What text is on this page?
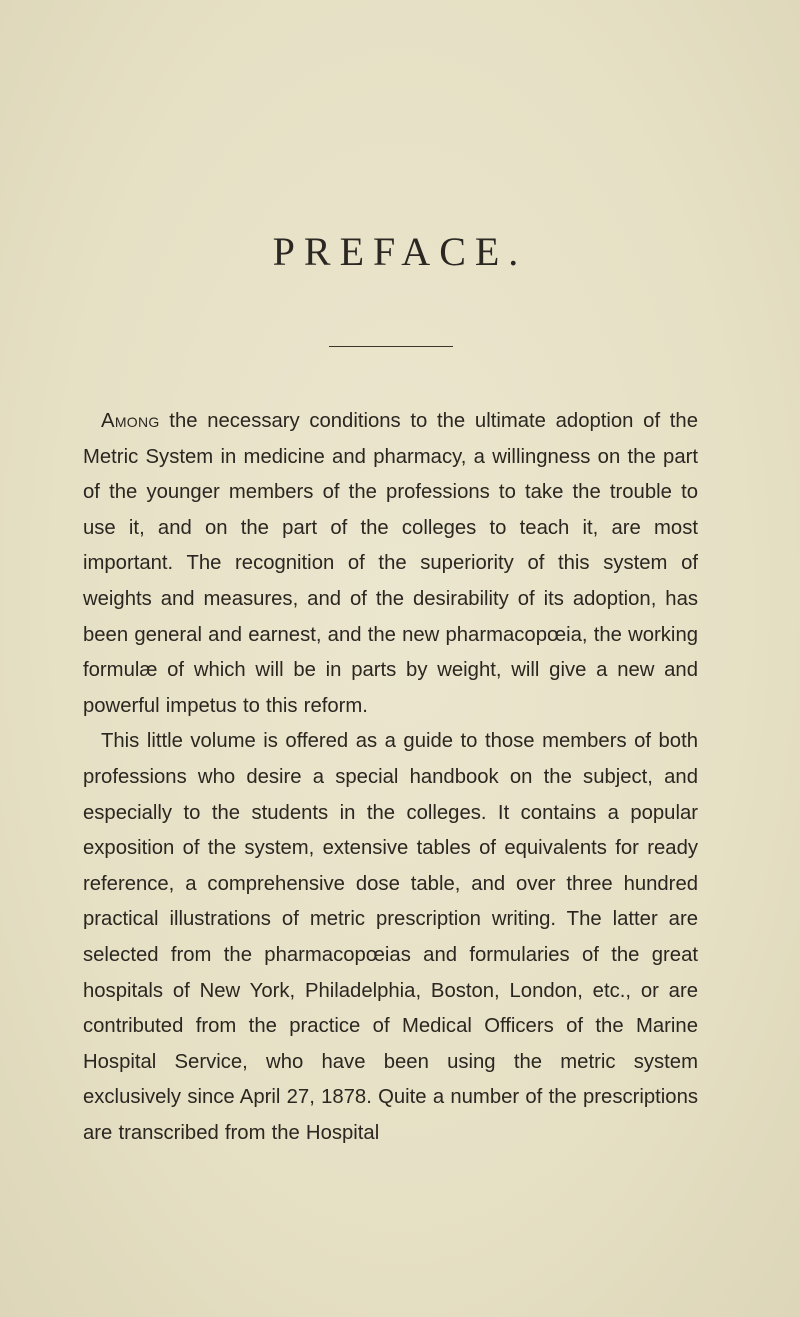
PREFACE.

Among the necessary conditions to the ultimate adoption of the Metric System in medicine and pharmacy, a willingness on the part of the younger members of the professions to take the trouble to use it, and on the part of the colleges to teach it, are most important. The recognition of the superiority of this system of weights and measures, and of the desirability of its adoption, has been general and earnest, and the new pharmacopœia, the working formulæ of which will be in parts by weight, will give a new and powerful impetus to this reform.

This little volume is offered as a guide to those members of both professions who desire a special handbook on the subject, and especially to the students in the colleges. It contains a popular exposition of the system, extensive tables of equivalents for ready reference, a comprehensive dose table, and over three hundred practical illustrations of metric prescription writing. The latter are selected from the pharmacopœias and formularies of the great hospitals of New York, Philadelphia, Boston, London, etc., or are contributed from the practice of Medical Officers of the Marine Hospital Service, who have been using the metric system exclusively since April 27, 1878. Quite a number of the prescriptions are transcribed from the Hospital
